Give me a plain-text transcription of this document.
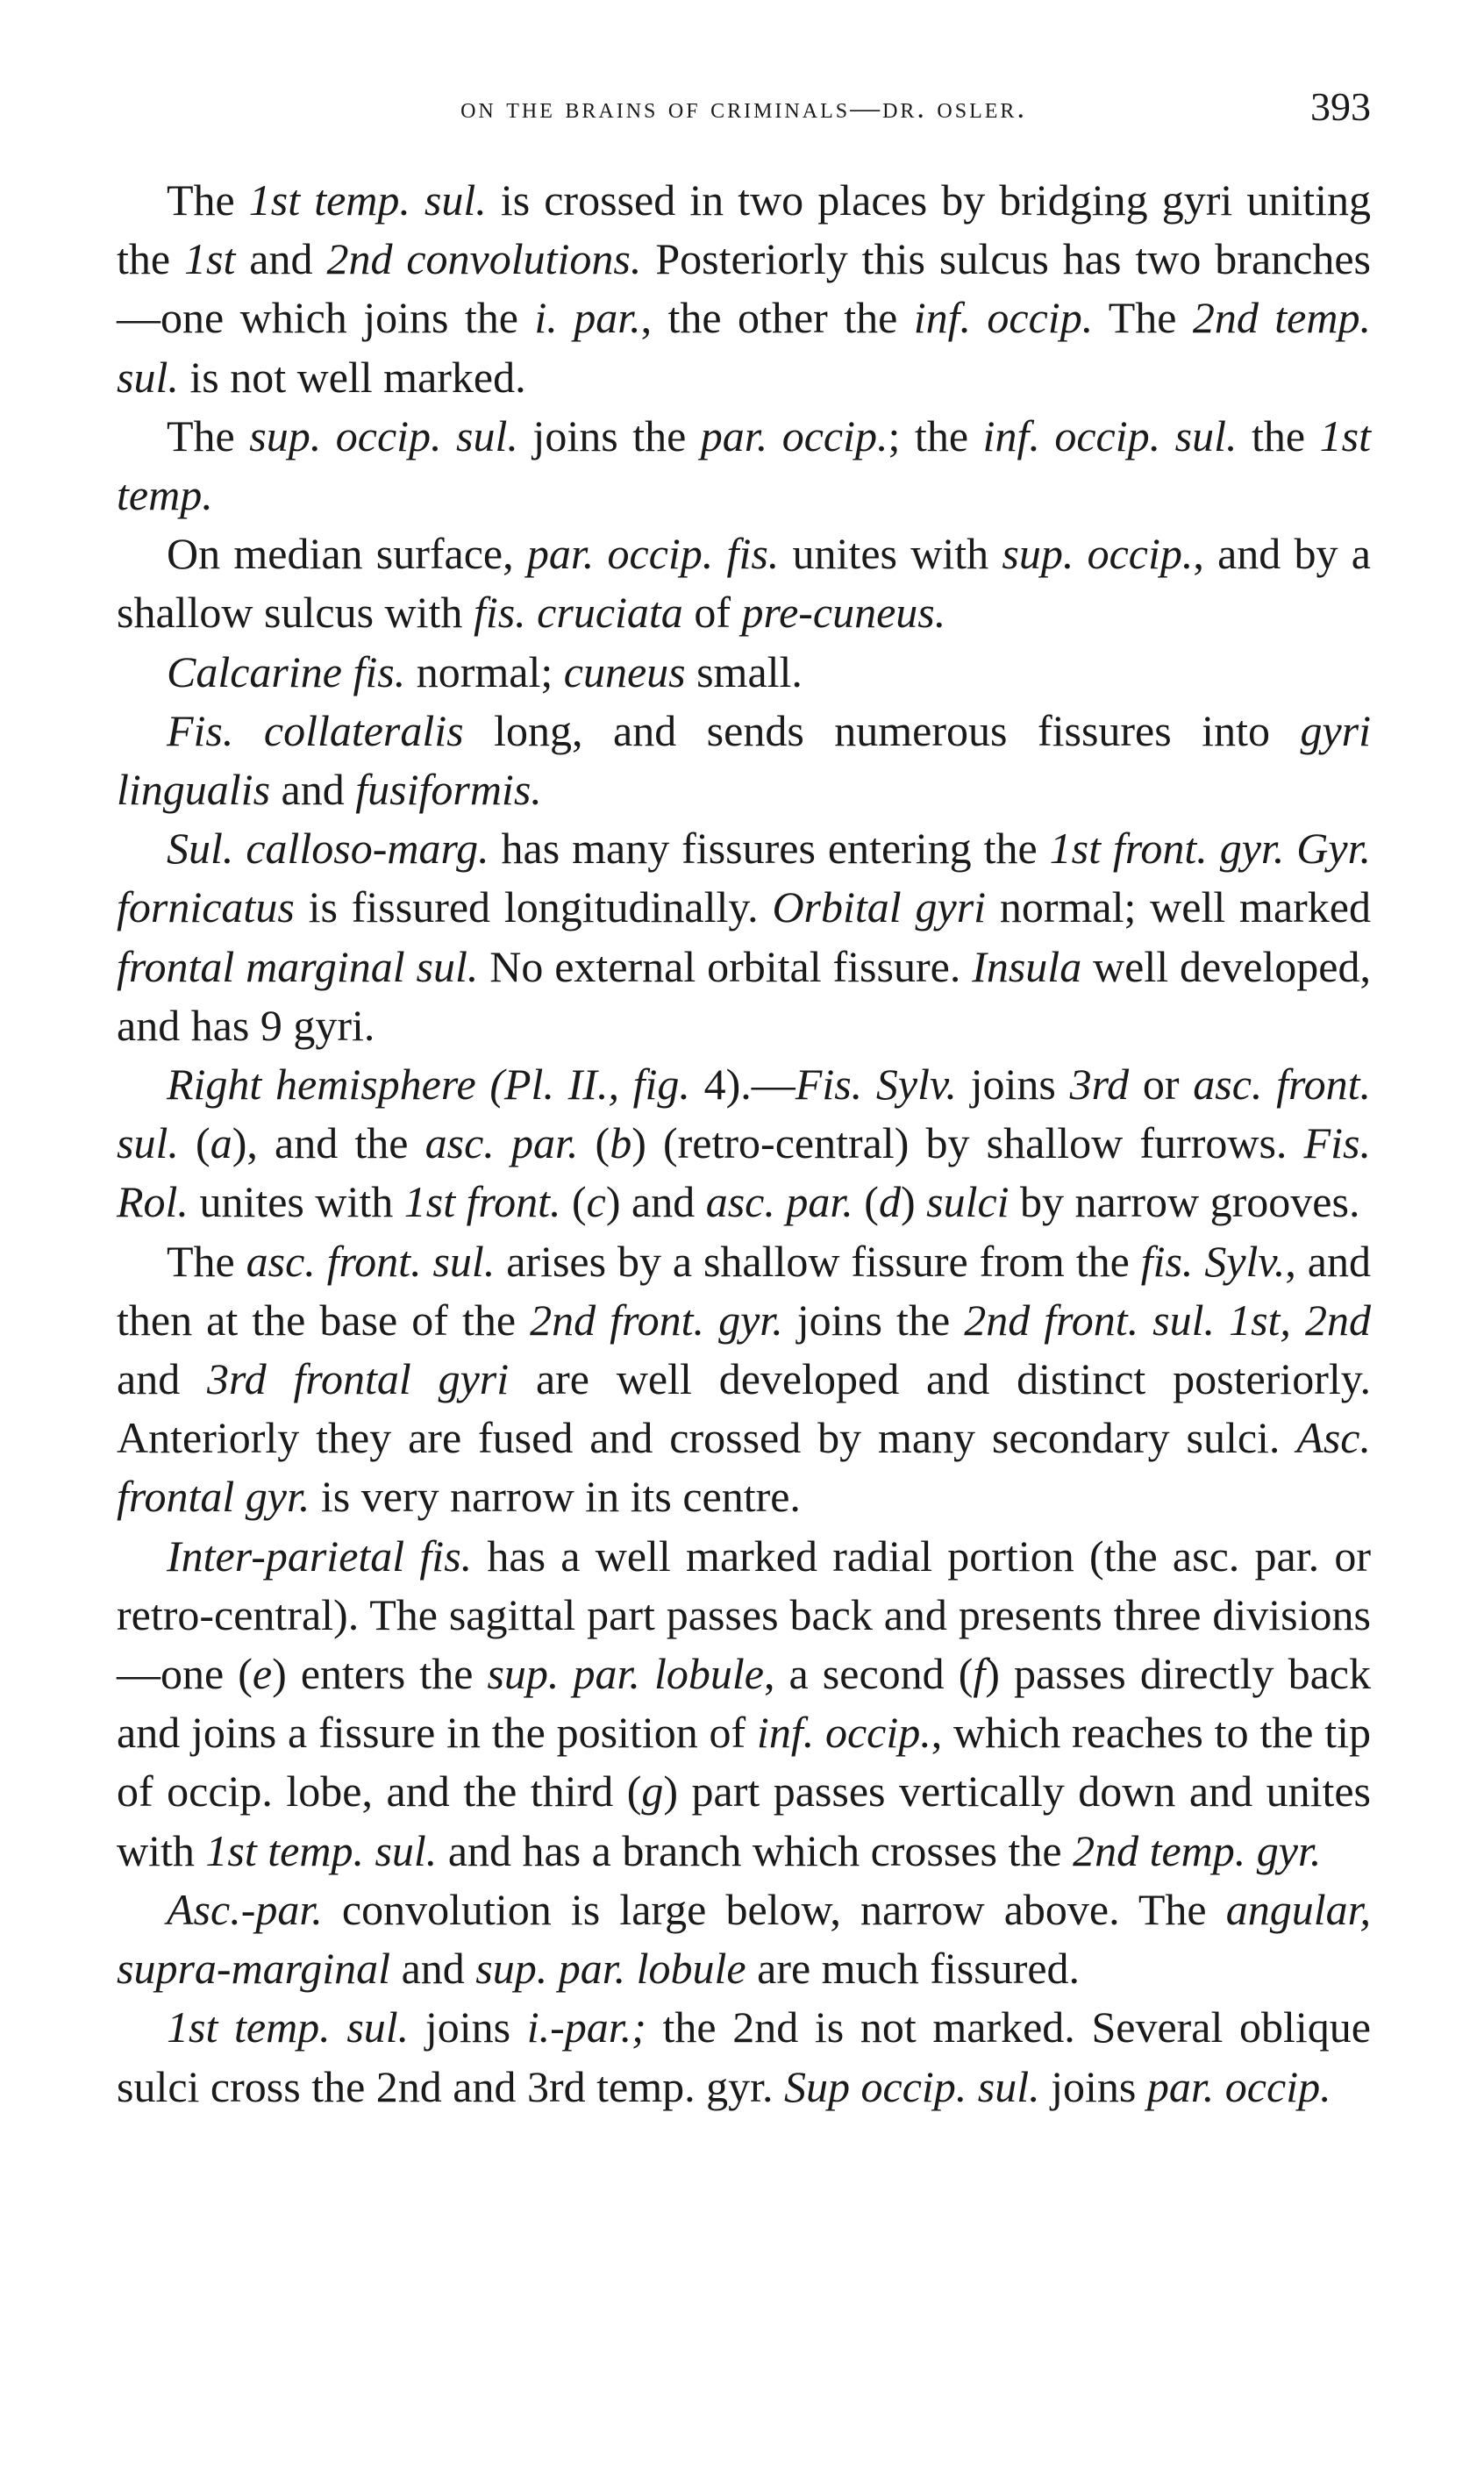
on the brains of criminals—dr. osler.	393

The 1st temp. sul. is crossed in two places by bridging gyri uniting the 1st and 2nd convolutions. Posteriorly this sulcus has two branches—one which joins the i. par., the other the inf. occip. The 2nd temp. sul. is not well marked.

The sup. occip. sul. joins the par. occip.; the inf. occip. sul. the 1st temp.

On median surface, par. occip. fis. unites with sup. occip., and by a shallow sulcus with fis. cruciata of pre-cuneus.

Calcarine fis. normal; cuneus small.

Fis. collateralis long, and sends numerous fissures into gyri lingualis and fusiformis.

Sul. calloso-marg. has many fissures entering the 1st front. gyr. Gyr. fornicatus is fissured longitudinally. Orbital gyri normal; well marked frontal marginal sul. No external orbital fissure. Insula well developed, and has 9 gyri.

Right hemisphere (Pl. II., fig. 4).—Fis. Sylv. joins 3rd or asc. front. sul. (a), and the asc. par. (b) (retro-central) by shallow furrows. Fis. Rol. unites with 1st front. (c) and asc. par. (d) sulci by narrow grooves.

The asc. front. sul. arises by a shallow fissure from the fis. Sylv., and then at the base of the 2nd front. gyr. joins the 2nd front. sul. 1st, 2nd and 3rd frontal gyri are well developed and distinct posteriorly. Anteriorly they are fused and crossed by many secondary sulci. Asc. frontal gyr. is very narrow in its centre.

Inter-parietal fis. has a well marked radial portion (the asc. par. or retro-central). The sagittal part passes back and presents three divisions—one (e) enters the sup. par. lobule, a second (f) passes directly back and joins a fissure in the position of inf. occip., which reaches to the tip of occip. lobe, and the third (g) part passes vertically down and unites with 1st temp. sul. and has a branch which crosses the 2nd temp. gyr.

Asc.-par. convolution is large below, narrow above. The angular, supra-marginal and sup. par. lobule are much fissured.

1st temp. sul. joins i.-par.; the 2nd is not marked. Several oblique sulci cross the 2nd and 3rd temp. gyr. Sup occip. sul. joins par. occip.
